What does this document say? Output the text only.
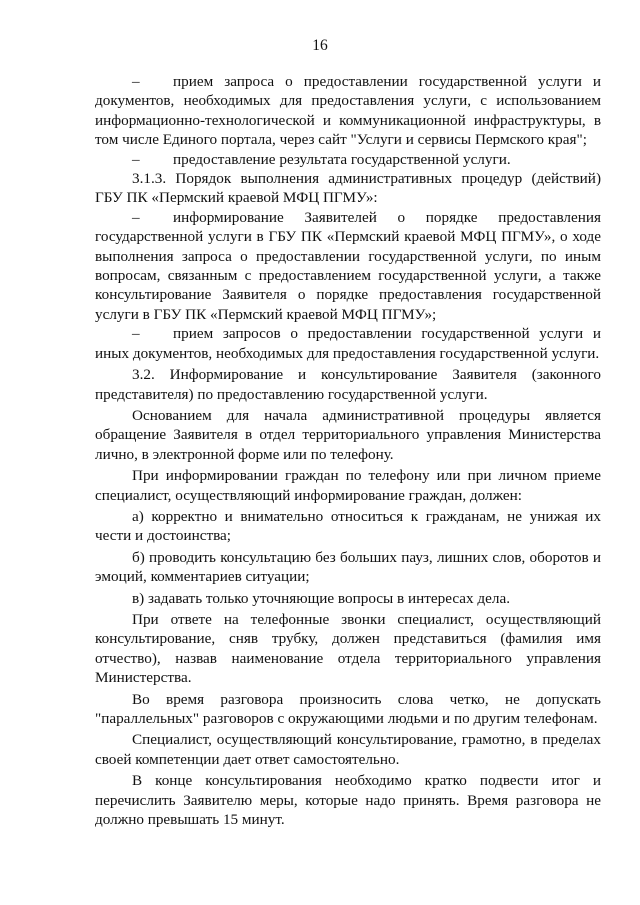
16

– прием запроса о предоставлении государственной услуги и документов, необходимых для предоставления услуги, с использованием информационно-технологической и коммуникационной инфраструктуры, в том числе Единого портала, через сайт "Услуги и сервисы Пермского края";

– предоставление результата государственной услуги.

3.1.3. Порядок выполнения административных процедур (действий) ГБУ ПК «Пермский краевой МФЦ ПГМУ»:

– информирование Заявителей о порядке предоставления государственной услуги в ГБУ ПК «Пермский краевой МФЦ ПГМУ», о ходе выполнения запроса о предоставлении государственной услуги, по иным вопросам, связанным с предоставлением государственной услуги, а также консультирование Заявителя о порядке предоставления государственной услуги в ГБУ ПК «Пермский краевой МФЦ ПГМУ»;

– прием запросов о предоставлении государственной услуги и иных документов, необходимых для предоставления государственной услуги.

3.2. Информирование и консультирование Заявителя (законного представителя) по предоставлению государственной услуги.

Основанием для начала административной процедуры является обращение Заявителя в отдел территориального управления Министерства лично, в электронной форме или по телефону.

При информировании граждан по телефону или при личном приеме специалист, осуществляющий информирование граждан, должен:

а) корректно и внимательно относиться к гражданам, не унижая их чести и достоинства;

б) проводить консультацию без больших пауз, лишних слов, оборотов и эмоций, комментариев ситуации;

в) задавать только уточняющие вопросы в интересах дела.

При ответе на телефонные звонки специалист, осуществляющий консультирование, сняв трубку, должен представиться (фамилия имя отчество), назвав наименование отдела территориального управления Министерства.

Во время разговора произносить слова четко, не допускать "параллельных" разговоров с окружающими людьми и по другим телефонам.

Специалист, осуществляющий консультирование, грамотно, в пределах своей компетенции дает ответ самостоятельно.

В конце консультирования необходимо кратко подвести итог и перечислить Заявителю меры, которые надо принять. Время разговора не должно превышать 15 минут.
